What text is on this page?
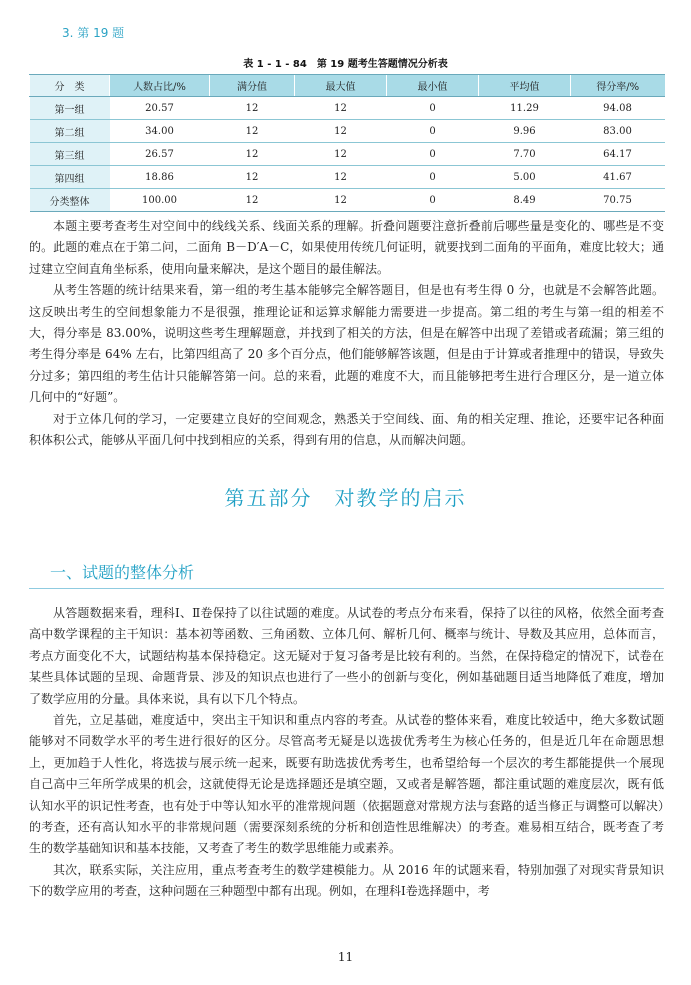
3. 第 19 题
表 1 - 1 - 84　第 19 题考生答题情况分析表
分　类	人数占比/%	满分值	最大值	最小值	平均值	得分率/%
第一组	20.57	12	12	0	11.29	94.08
第二组	34.00	12	12	0	9.96	83.00
第三组	26.57	12	12	0	7.70	64.17
第四组	18.86	12	12	0	5.00	41.67
分类整体	100.00	12	12	0	8.49	70.75

本题主要考查考生对空间中的线线关系、线面关系的理解。折叠问题要注意折叠前后哪些量是变化的、哪些是不变的。此题的难点在于第二问，二面角 B－D′A－C，如果使用传统几何证明，就要找到二面角的平面角，难度比较大；通过建立空间直角坐标系，使用向量来解决，是这个题目的最佳解法。

从考生答题的统计结果来看，第一组的考生基本能够完全解答题目，但是也有考生得 0 分，也就是不会解答此题。这反映出考生的空间想象能力不是很强，推理论证和运算求解能力需要进一步提高。第二组的考生与第一组的相差不大，得分率是 83.00%，说明这些考生理解题意，并找到了相关的方法，但是在解答中出现了差错或者疏漏；第三组的考生得分率是 64% 左右，比第四组高了 20 多个百分点，他们能够解答该题，但是由于计算或者推理中的错误，导致失分过多；第四组的考生估计只能解答第一问。总的来看，此题的难度不大，而且能够把考生进行合理区分，是一道立体几何中的“好题”。

对于立体几何的学习，一定要建立良好的空间观念，熟悉关于空间线、面、角的相关定理、推论，还要牢记各种面积体积公式，能够从平面几何中找到相应的关系，得到有用的信息，从而解决问题。

第五部分　对教学的启示
一、试题的整体分析

从答题数据来看，理科Ⅰ、Ⅱ卷保持了以往试题的难度。从试卷的考点分布来看，保持了以往的风格，依然全面考查高中数学课程的主干知识：基本初等函数、三角函数、立体几何、解析几何、概率与统计、导数及其应用，总体而言，考点方面变化不大，试题结构基本保持稳定。这无疑对于复习备考是比较有利的。当然，在保持稳定的情况下，试卷在某些具体试题的呈现、命题背景、涉及的知识点也进行了一些小的创新与变化，例如基础题目适当地降低了难度，增加了数学应用的分量。具体来说，具有以下几个特点。

首先，立足基础，难度适中，突出主干知识和重点内容的考查。从试卷的整体来看，难度比较适中，绝大多数试题能够对不同数学水平的考生进行很好的区分。尽管高考无疑是以选拔优秀考生为核心任务的，但是近几年在命题思想上，更加趋于人性化，将选拔与展示统一起来，既要有助选拔优秀考生，也希望给每一个层次的考生都能提供一个展现自己高中三年所学成果的机会，这就使得无论是选择题还是填空题，又或者是解答题，都注重试题的难度层次，既有低认知水平的识记性考查，也有处于中等认知水平的准常规问题（依据题意对常规方法与套路的适当修正与调整可以解决）的考查，还有高认知水平的非常规问题（需要深刻系统的分析和创造性思维解决）的考查。难易相互结合，既考查了考生的数学基础知识和基本技能，又考查了考生的数学思维能力或素养。

其次，联系实际，关注应用，重点考查考生的数学建模能力。从 2016 年的试题来看，特别加强了对现实背景知识下的数学应用的考查，这种问题在三种题型中都有出现。例如，在理科Ⅰ卷选择题中，考

11
